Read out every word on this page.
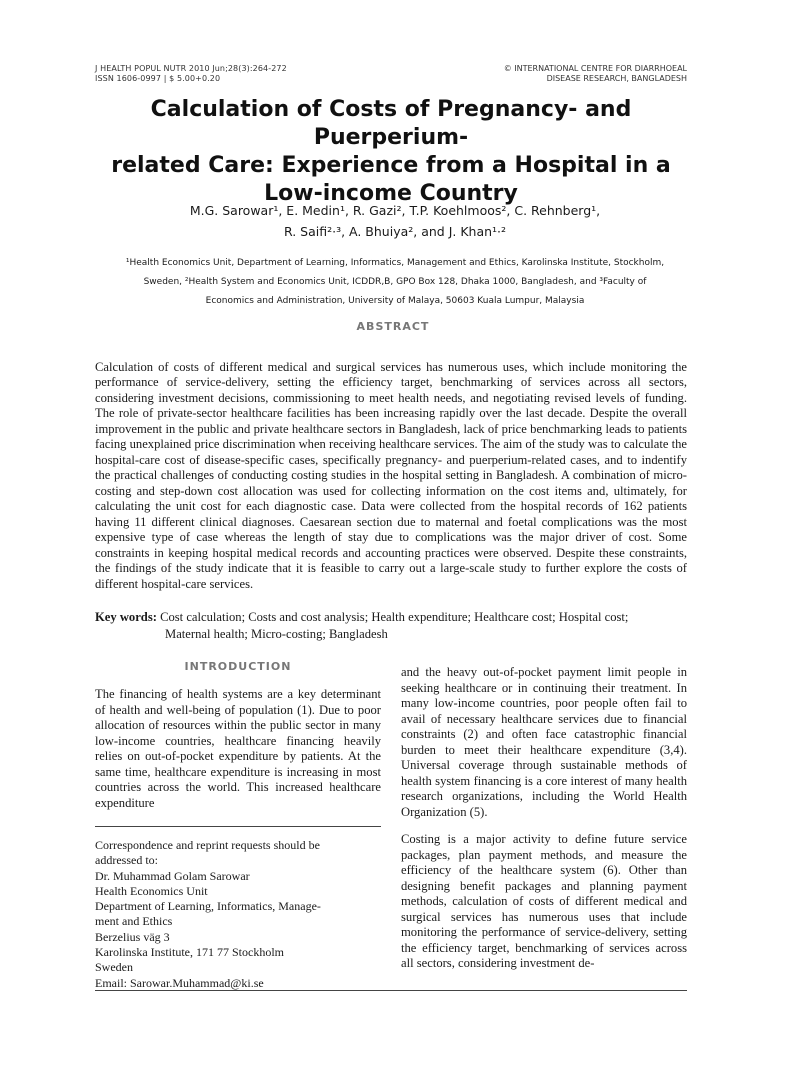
J HEALTH POPUL NUTR 2010 Jun;28(3):264-272
ISSN 1606-0997 | $ 5.00+0.20
© INTERNATIONAL CENTRE FOR DIARRHOEAL
DISEASE RESEARCH, BANGLADESH
Calculation of Costs of Pregnancy- and Puerperium-
related Care: Experience from a Hospital in a
Low-income Country
M.G. Sarowar¹, E. Medin¹, R. Gazi², T.P. Koehlmoos², C. Rehnberg¹,
R. Saifi²·³, A. Bhuiya², and J. Khan¹·²
¹Health Economics Unit, Department of Learning, Informatics, Management and Ethics, Karolinska Institute, Stockholm,
Sweden, ²Health System and Economics Unit, ICDDR,B, GPO Box 128, Dhaka 1000, Bangladesh, and ³Faculty of
Economics and Administration, University of Malaya, 50603 Kuala Lumpur, Malaysia
ABSTRACT

Calculation of costs of different medical and surgical services has numerous uses, which include monitoring the performance of service-delivery, setting the efficiency target, benchmarking of services across all sectors, considering investment decisions, commissioning to meet health needs, and negotiating revised levels of funding. The role of private-sector healthcare facilities has been increasing rapidly over the last decade. Despite the overall improvement in the public and private healthcare sectors in Bangladesh, lack of price benchmarking leads to patients facing unexplained price discrimination when receiving healthcare services. The aim of the study was to calculate the hospital-care cost of disease-specific cases, specifically pregnancy- and puerperium-related cases, and to indentify the practical challenges of conducting costing studies in the hospital setting in Bangladesh. A combination of micro-costing and step-down cost allocation was used for collecting information on the cost items and, ultimately, for calculating the unit cost for each diagnostic case. Data were collected from the hospital records of 162 patients having 11 different clinical diagnoses. Caesarean section due to maternal and foetal complications was the most expensive type of case whereas the length of stay due to complications was the major driver of cost. Some constraints in keeping hospital medical records and accounting practices were observed. Despite these constraints, the findings of the study indicate that it is feasible to carry out a large-scale study to further explore the costs of different hospital-care services.

Key words: Cost calculation; Costs and cost analysis; Health expenditure; Healthcare cost; Hospital cost;
Maternal health; Micro-costing; Bangladesh
INTRODUCTION

The financing of health systems are a key determinant of health and well-being of population (1). Due to poor allocation of resources within the public sector in many low-income countries, healthcare financing heavily relies on out-of-pocket expenditure by patients. At the same time, healthcare expenditure is increasing in most countries across the world. This increased healthcare expenditure

Correspondence and reprint requests should be
addressed to:
Dr. Muhammad Golam Sarowar
Health Economics Unit
Department of Learning, Informatics, Manage-
ment and Ethics
Berzelius väg 3
Karolinska Institute, 171 77 Stockholm
Sweden
Email: Sarowar.Muhammad@ki.se

and the heavy out-of-pocket payment limit people in seeking healthcare or in continuing their treatment. In many low-income countries, poor people often fail to avail of necessary healthcare services due to financial constraints (2) and often face catastrophic financial burden to meet their healthcare expenditure (3,4). Universal coverage through sustainable methods of health system financing is a core interest of many health research organizations, including the World Health Organization (5).

Costing is a major activity to define future service packages, plan payment methods, and measure the efficiency of the healthcare system (6). Other than designing benefit packages and planning payment methods, calculation of costs of different medical and surgical services has numerous uses that include monitoring the performance of service-delivery, setting the efficiency target, benchmarking of services across all sectors, considering investment de-
